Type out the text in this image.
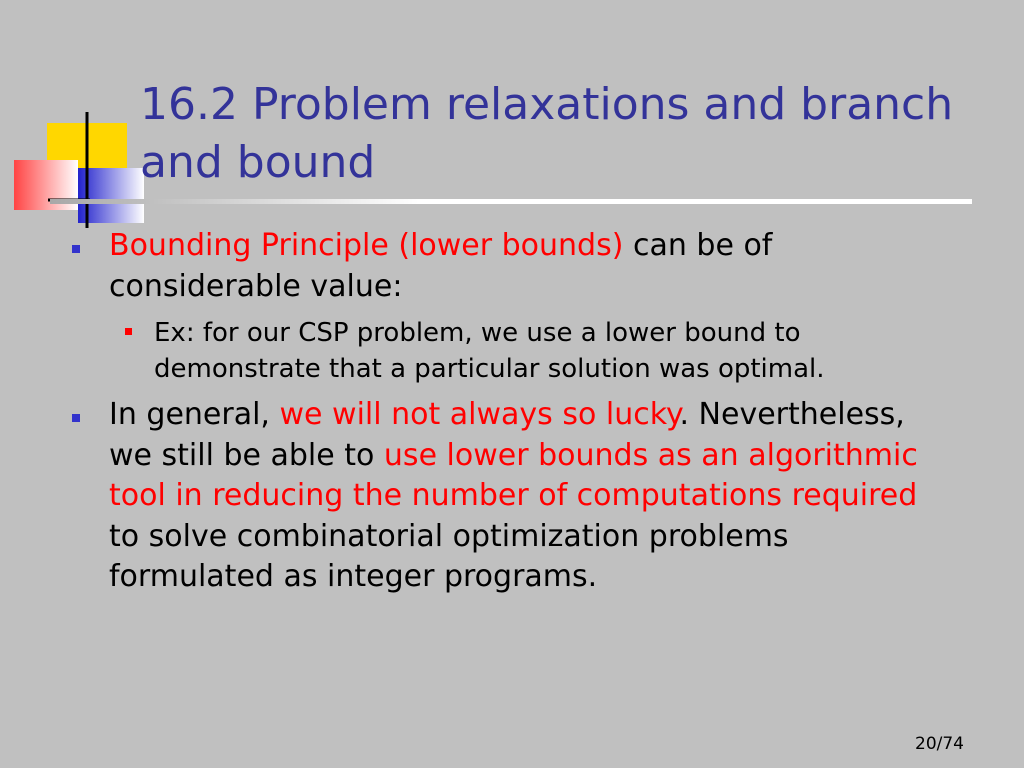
16.2 Problem relaxations and branch and bound
Bounding Principle (lower bounds) can be of considerable value:
Ex: for our CSP problem, we use a lower bound to demonstrate that a particular solution was optimal.
In general, we will not always so lucky. Nevertheless, we still be able to use lower bounds as an algorithmic tool in reducing the number of computations required to solve combinatorial optimization problems formulated as integer programs.
20/74
